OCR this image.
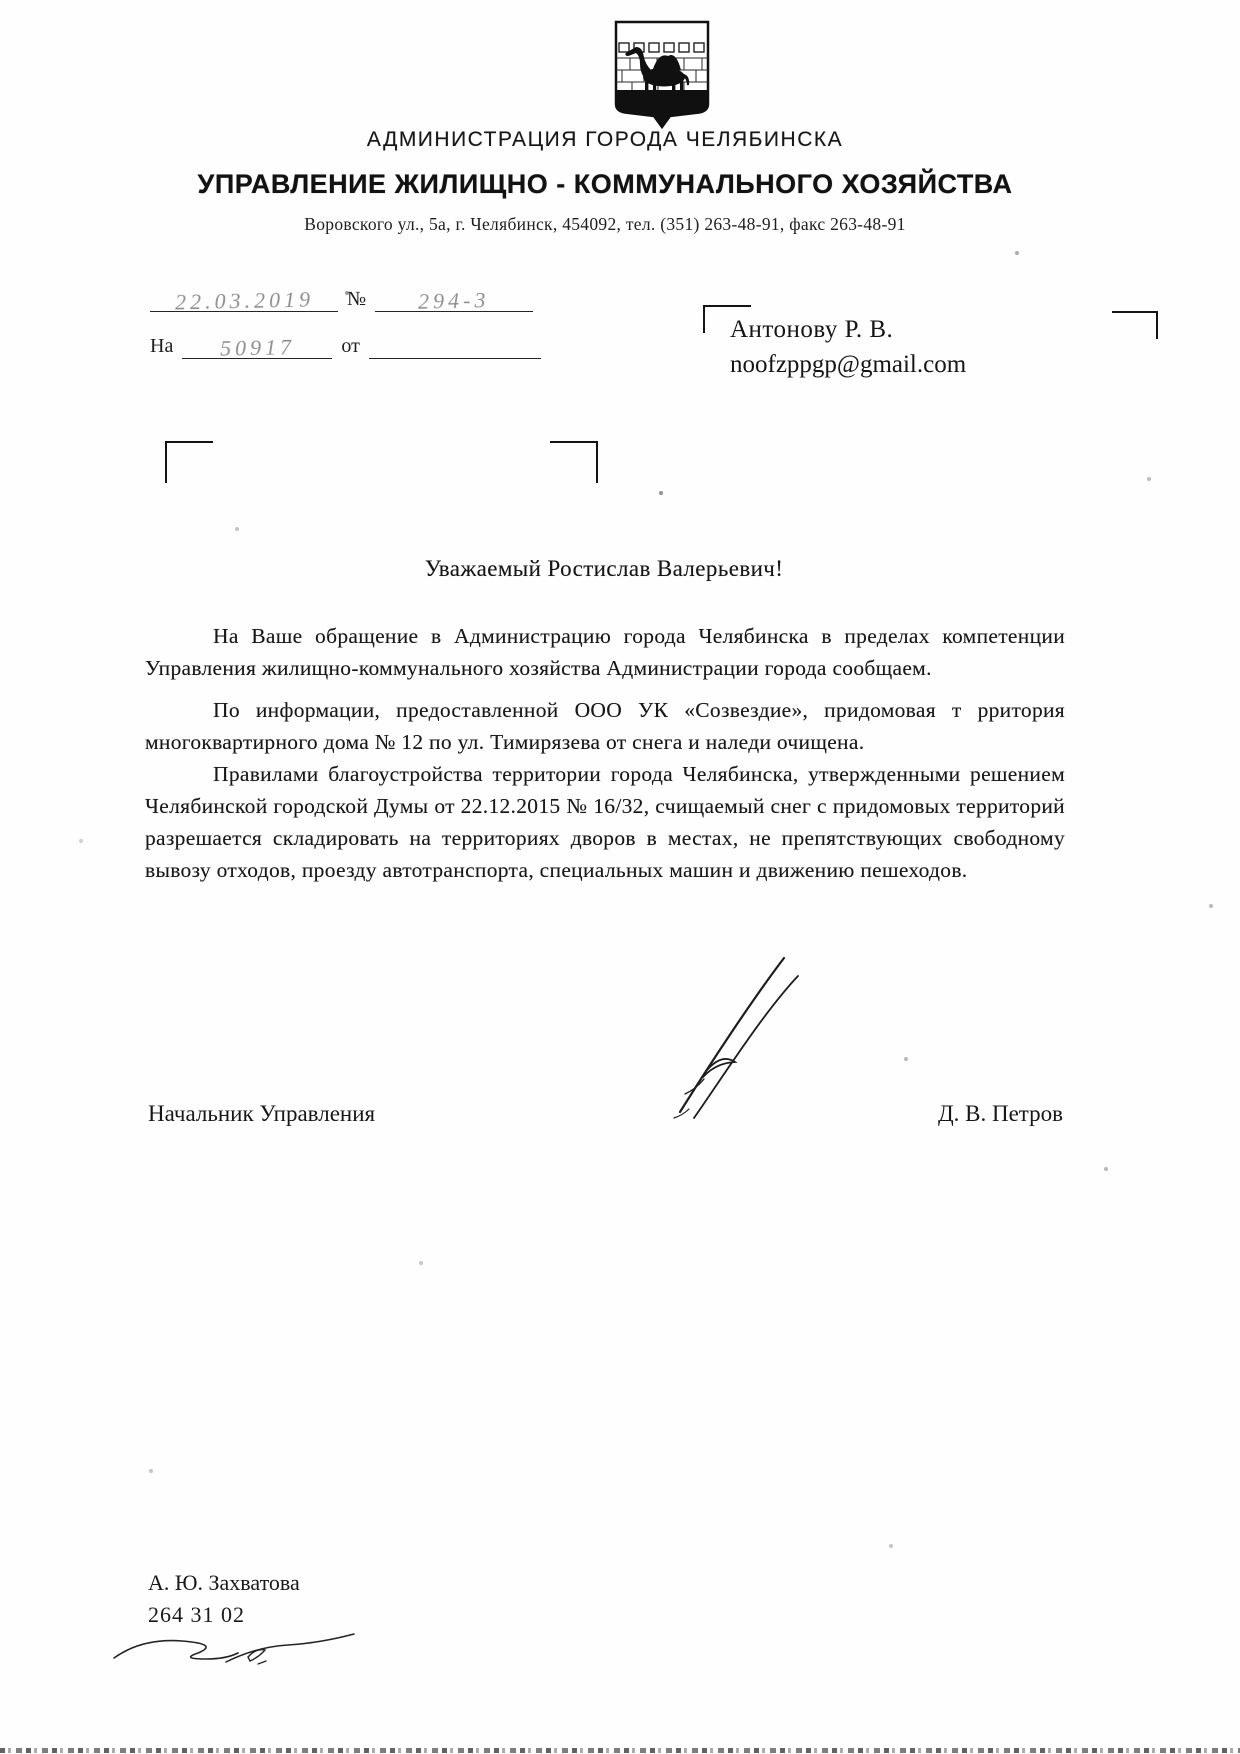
АДМИНИСТРАЦИЯ ГОРОДА ЧЕЛЯБИНСКА
УПРАВЛЕНИЕ ЖИЛИЩНО - КОММУНАЛЬНОГО ХОЗЯЙСТВА
Воровского ул., 5а, г. Челябинск, 454092, тел. (351) 263-48-91, факс 263-48-91
22.03.2019	№	294-3
На	50917	от
Антонову Р. В.
noofzppgp@gmail.com
Уважаемый Ростислав Валерьевич!

На Ваше обращение в Администрацию города Челябинска в пределах компетенции Управления жилищно-коммунального хозяйства Администрации города сообщаем.

По информации, предоставленной ООО УК «Созвездие», придомовая т рритория многоквартирного дома № 12 по ул. Тимирязева от снега и наледи очищена.

Правилами благоустройства территории города Челябинска, утвержденными решением Челябинской городской Думы от 22.12.2015 № 16/32, счищаемый снег с придомовых территорий разрешается складировать на территориях дворов в местах, не препятствующих свободному вывозу отходов, проезду автотранспорта, специальных машин и движению пешеходов.

Начальник Управления	Д. В. Петров
А. Ю. Захватова
264 31 02
